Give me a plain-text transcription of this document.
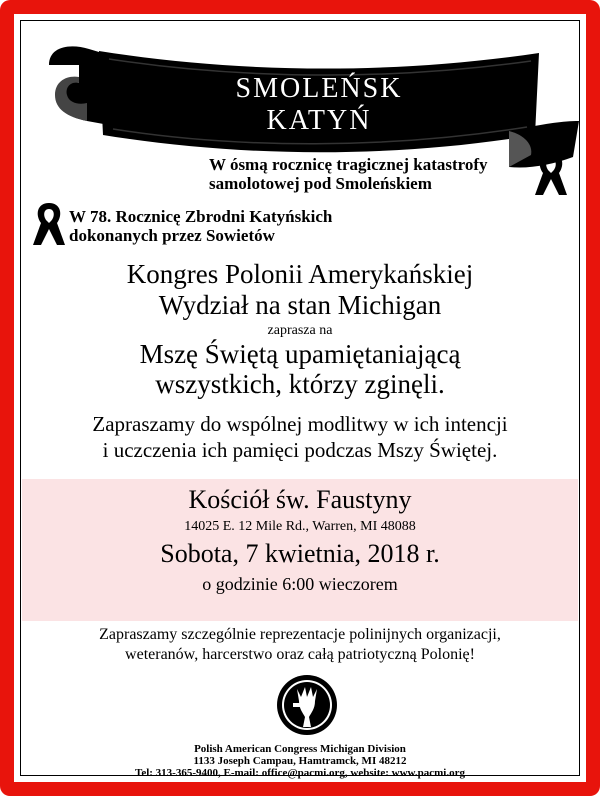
SMOLEŃSK
KATYŃ
W ósmą rocznicę tragicznej katastrofy
samolotowej pod Smoleńskiem
W 78. Rocznicę Zbrodni Katyńskich
dokonanych przez Sowietów
Kongres Polonii Amerykańskiej
Wydział na stan Michigan
zaprasza na
Mszę Świętą upamiętaniającą
wszystkich, którzy zginęli.
Zapraszamy do wspólnej modlitwy w ich intencji
i uczczenia ich pamięci podczas Mszy Świętej.
Kościół św. Faustyny
14025 E. 12 Mile Rd., Warren, MI 48088
Sobota, 7 kwietnia, 2018 r.
o godzinie 6:00 wieczorem
Zapraszamy szczególnie reprezentacje polinijnych organizacji,
weteranów, harcerstwo oraz całą patriotyczną Polonię!
Polish American Congress Michigan Division
1133 Joseph Campau, Hamtramck, MI 48212
Tel: 313-365-9400, E-mail: office@pacmi.org, website: www.pacmi.org
